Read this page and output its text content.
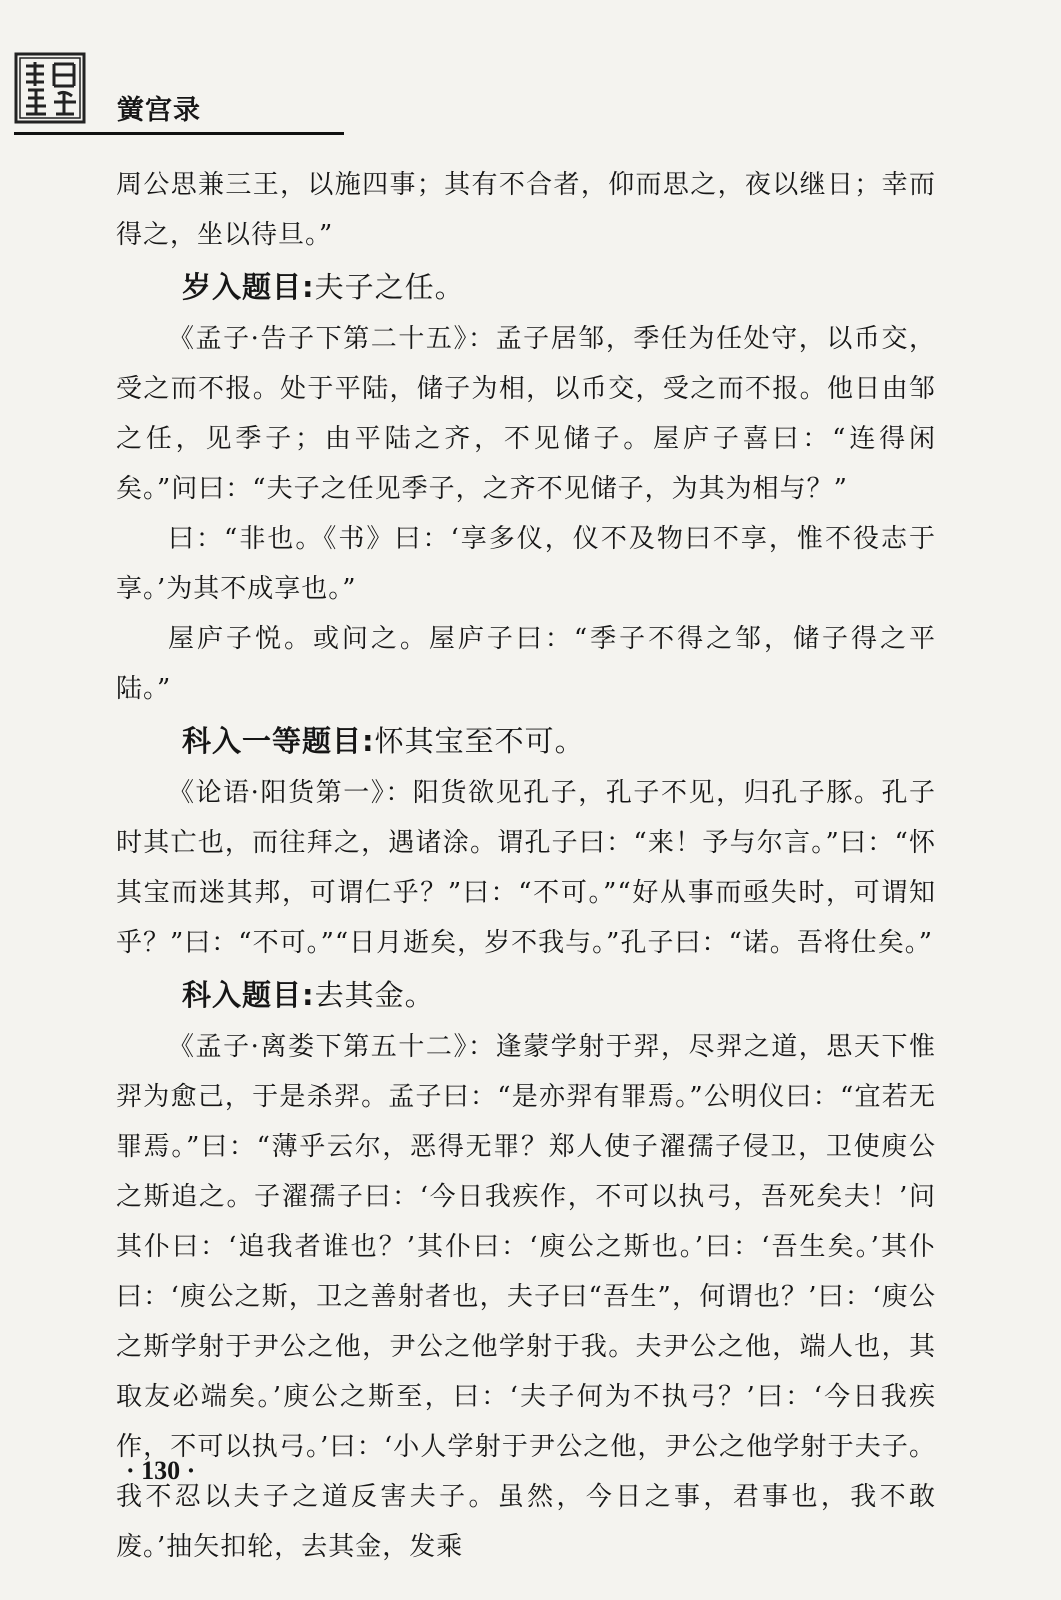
黉宫录

周公思兼三王，以施四事；其有不合者，仰而思之，夜以继日；幸而得之，坐以待旦。”

岁入题目:夫子之任。

《孟子·告子下第二十五》：孟子居邹，季任为任处守，以币交，受之而不报。处于平陆，储子为相，以币交，受之而不报。他日由邹之任，见季子；由平陆之齐，不见储子。屋庐子喜曰：“连得闲矣。”问曰：“夫子之任见季子，之齐不见储子，为其为相与？”

曰：“非也。《书》曰：‘享多仪，仪不及物曰不享，惟不役志于享。’为其不成享也。”

屋庐子悦。或问之。屋庐子曰：“季子不得之邹，储子得之平陆。”

科入一等题目:怀其宝至不可。

《论语·阳货第一》：阳货欲见孔子，孔子不见，归孔子豚。孔子时其亡也，而往拜之，遇诸涂。谓孔子曰：“来！予与尔言。”曰：“怀其宝而迷其邦，可谓仁乎？”曰：“不可。”“好从事而亟失时，可谓知乎？”曰：“不可。”“日月逝矣，岁不我与。”孔子曰：“诺。吾将仕矣。”

科入题目:去其金。

《孟子·离娄下第五十二》：逢蒙学射于羿，尽羿之道，思天下惟羿为愈己，于是杀羿。孟子曰：“是亦羿有罪焉。”公明仪曰：“宜若无罪焉。”曰：“薄乎云尔，恶得无罪？郑人使子濯孺子侵卫，卫使庾公之斯追之。子濯孺子曰：‘今日我疾作，不可以执弓，吾死矣夫！’问其仆曰：‘追我者谁也？’其仆曰：‘庾公之斯也。’曰：‘吾生矣。’其仆曰：‘庾公之斯，卫之善射者也，夫子曰“吾生”，何谓也？’曰：‘庾公之斯学射于尹公之他，尹公之他学射于我。夫尹公之他，端人也，其取友必端矣。’庾公之斯至，曰：‘夫子何为不执弓？’曰：‘今日我疾作，不可以执弓。’曰：‘小人学射于尹公之他，尹公之他学射于夫子。我不忍以夫子之道反害夫子。虽然，今日之事，君事也，我不敢废。’抽矢扣轮，去其金，发乘

· 130 ·
